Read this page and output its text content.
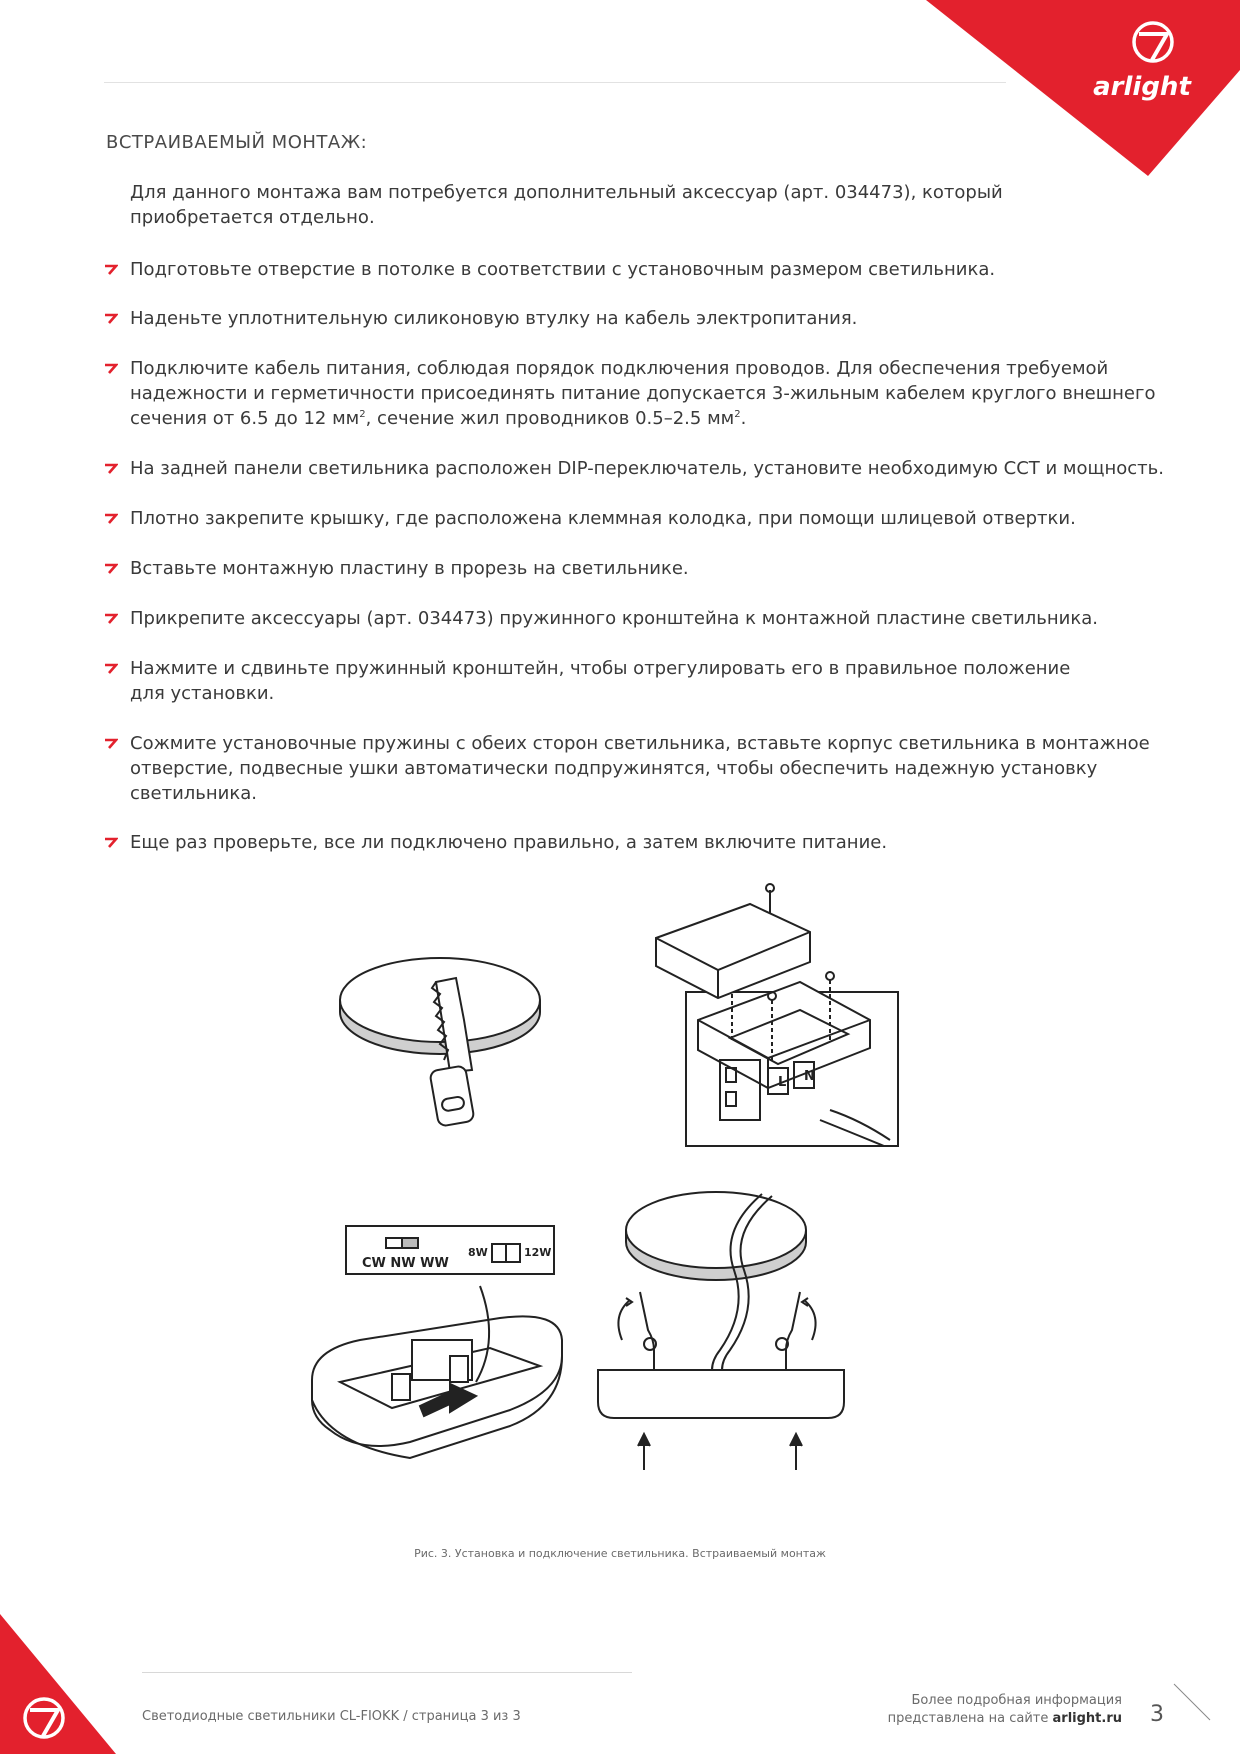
arlight
ВСТРАИВАЕМЫЙ МОНТАЖ:

Для данного монтажа вам потребуется дополнительный аксессуар (арт. 034473), который приобретается отдельно.

Подготовьте отверстие в потолке в соответствии с установочным размером светильника.
Наденьте уплотнительную силиконовую втулку на кабель электропитания.
Подключите кабель питания, соблюдая порядок подключения проводов. Для обеспечения требуемой надежности и герметичности присоединять питание допускается 3-жильным кабелем круглого внешнего сечения от 6.5 до 12 $мм^2$, сечение жил проводников 0.5–2.5 $мм^2$.
На задней панели светильника расположен DIP-переключатель, установите необходимую CCT и мощность.
Плотно закрепите крышку, где расположена клеммная колодка, при помощи шлицевой отвертки.
Вставьте монтажную пластину в прорезь на светильнике.
Прикрепите аксессуары (арт. 034473) пружинного кронштейна к монтажной пластине светильника.
Нажмите и сдвиньте пружинный кронштейн, чтобы отрегулировать его в правильное положение для установки.
Сожмите установочные пружины с обеих сторон светильника, вставьте корпус светильника в монтажное отверстие, подвесные ушки автоматически подпружинятся, чтобы обеспечить надежную установку светильника.
Еще раз проверьте, все ли подключено правильно, а затем включите питание.
L N
CW NW WW
8W	12W
Рис. 3. Установка и подключение светильника. Встраиваемый монтаж
Светодиодные светильники CL-FIOKK / страница 3 из 3
Более подробная информация
представлена на сайте arlight.ru 3
